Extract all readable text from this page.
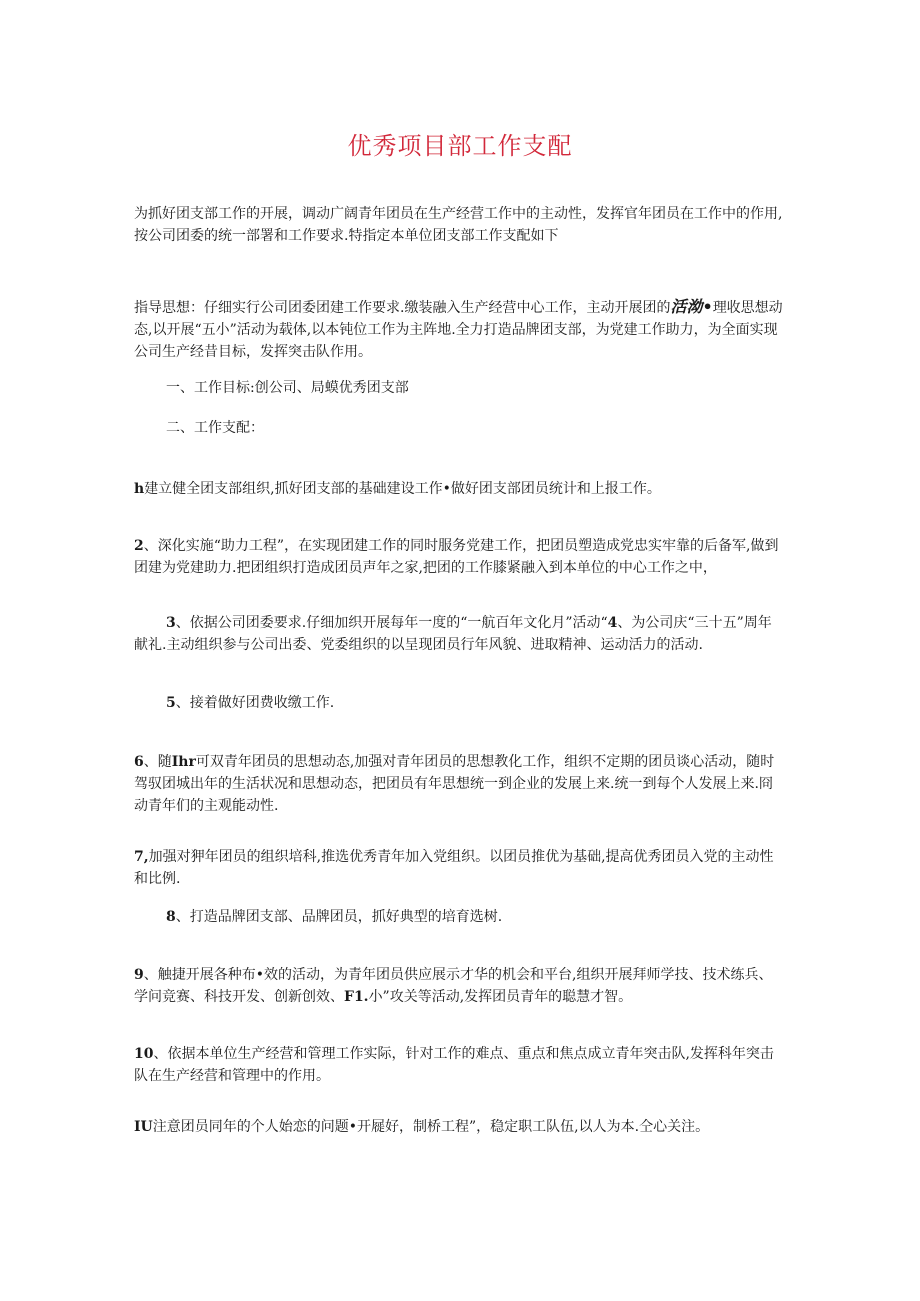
优秀项目部工作支配

为抓好团支部工作的开展，调动广阔青年团员在生产经营工作中的主动性，发挥官年团员在工作中的作用,按公司团委的统一部署和工作要求.特指定本单位团支部工作支配如下

指导思想：仔细实行公司团委团建工作要求.缴装融入生产经营中心工作，主动开展团的活泑•理收思想动态,以开展“五小”活动为载体,以本钝位工作为主阵地.全力打造品牌团支部，为党建工作助力，为全面实现公司生产经昔目标，发挥突击队作用。

一、工作目标:创公司、局蟆优秀团支部

二、工作支配：

h建立健全团支部组织,抓好团支部的基础建设工作•做好团支部团员统计和上报工作。

2、深化实施“助力工程”，在实现团建工作的同时服务党建工作，把团员塑造成党忠实牢靠的后备军,做到团建为党建助力.把团组织打造成团员声年之家,把团的工作膝紧融入到本单位的中心工作之中，

3、依据公司团委要求.仔细加织开展每年一度的“一航百年文化月”活动“4、为公司庆“三十五”周年献礼.主动组织参与公司出委、党委组织的以呈现团员行年风貌、进取精神、运动活力的活动.

5、接着做好团费收缴工作.

6、随Ihr可双青年团员的思想动态,加强对青年团员的思想教化工作，组织不定期的团员谈心活动，随时驾驭团城出年的生活状况和思想动态，把团员有年思想统一到企业的发展上来.统一到每个人发展上来.冏动青年们的主观能动性.

7,加强对狎年团员的组织培科,推选优秀青年加入党组织。以团员推优为基础,提高优秀团员入党的主动性和比例.

8、打造品牌团支部、品牌团员，抓好典型的培育选树.

9、触捷开展各种布•效的活动，为青年团员供应展示才华的机会和平台,组织开展拜师学技、技术练兵、学问竞赛、科技开发、创新创效、F1.小”攻关等活动,发挥团员青年的聪慧才智。

10、依据本单位生产经营和管理工作实际，针对工作的难点、重点和焦点成立青年突击队,发挥科年突击队在生产经营和管理中的作用。

IU注意团员同年的个人始恋的问题•开屣好，制桥工程”，稳定职工队伍,以人为本.仝心关注。
